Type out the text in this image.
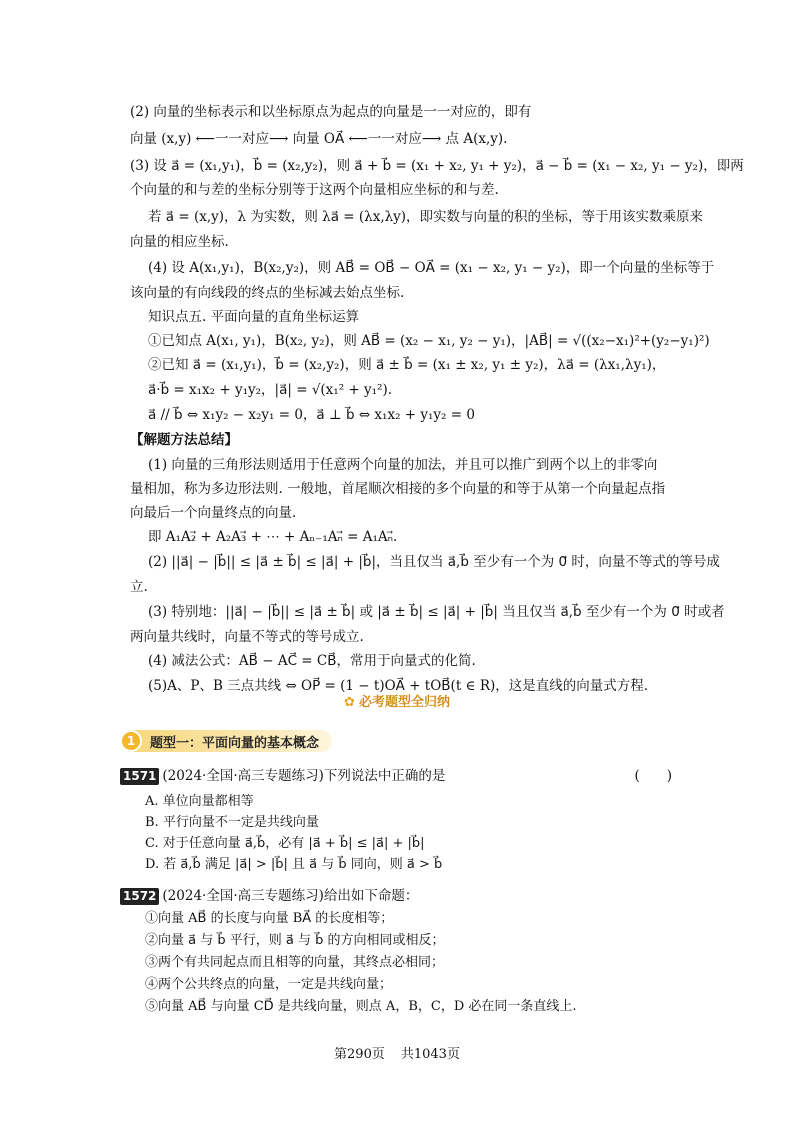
(2) 向量的坐标表示和以坐标原点为起点的向量是一一对应的，即有
向量 (x,y) ⟵一一对应⟶ 向量 OA⃗ ⟵一一对应⟶ 点 A(x,y).
(3) 设 a⃗ = (x₁,y₁)，b⃗ = (x₂,y₂)，则 a⃗ + b⃗ = (x₁ + x₂, y₁ + y₂)，a⃗ − b⃗ = (x₁ − x₂, y₁ − y₂)，即两
个向量的和与差的坐标分别等于这两个向量相应坐标的和与差.
若 a⃗ = (x,y)，λ 为实数，则 λa⃗ = (λx,λy)，即实数与向量的积的坐标，等于用该实数乘原来
向量的相应坐标.
(4) 设 A(x₁,y₁)，B(x₂,y₂)，则 AB⃗ = OB⃗ − OA⃗ = (x₁ − x₂, y₁ − y₂)，即一个向量的坐标等于
该向量的有向线段的终点的坐标减去始点坐标.
知识点五. 平面向量的直角坐标运算
①已知点 A(x₁, y₁)，B(x₂, y₂)，则 AB⃗ = (x₂ − x₁, y₂ − y₁)，|AB⃗| = √((x₂−x₁)²+(y₂−y₁)²)
②已知 a⃗ = (x₁,y₁)，b⃗ = (x₂,y₂)，则 a⃗ ± b⃗ = (x₁ ± x₂, y₁ ± y₂)，λa⃗ = (λx₁,λy₁)，
a⃗·b⃗ = x₁x₂ + y₁y₂，|a⃗| = √(x₁² + y₁²).
a⃗ // b⃗ ⇔ x₁y₂ − x₂y₁ = 0，a⃗ ⊥ b⃗ ⇔ x₁x₂ + y₁y₂ = 0
【解题方法总结】
(1) 向量的三角形法则适用于任意两个向量的加法，并且可以推广到两个以上的非零向
量相加，称为多边形法则. 一般地，首尾顺次相接的多个向量的和等于从第一个向量起点指
向最后一个向量终点的向量.
即 A₁A₂⃗ + A₂A₃⃗ + ⋯ + Aₙ₋₁Aₙ⃗ = A₁Aₙ⃗.
(2) ||a⃗| − |b⃗|| ≤ |a⃗ ± b⃗| ≤ |a⃗| + |b⃗|，当且仅当 a⃗,b⃗ 至少有一个为 0⃗ 时，向量不等式的等号成
立.
(3) 特别地：||a⃗| − |b⃗|| ≤ |a⃗ ± b⃗| 或 |a⃗ ± b⃗| ≤ |a⃗| + |b⃗| 当且仅当 a⃗,b⃗ 至少有一个为 0⃗ 时或者
两向量共线时，向量不等式的等号成立.
(4) 减法公式：AB⃗ − AC⃗ = CB⃗，常用于向量式的化简.
(5)A、P、B 三点共线 ⇔ OP⃗ = (1 − t)OA⃗ + tOB⃗(t ∈ R)，这是直线的向量式方程.
✿ 必考题型全归纳
1	题型一：平面向量的基本概念
1571 (2024·全国·高三专题练习)下列说法中正确的是	(　　)
A. 单位向量都相等
B. 平行向量不一定是共线向量
C. 对于任意向量 a⃗,b⃗，必有 |a⃗ + b⃗| ≤ |a⃗| + |b⃗|
D. 若 a⃗,b⃗ 满足 |a⃗| > |b⃗| 且 a⃗ 与 b⃗ 同向，则 a⃗ > b⃗
1572 (2024·全国·高三专题练习)给出如下命题：
①向量 AB⃗ 的长度与向量 BA⃗ 的长度相等；
②向量 a⃗ 与 b⃗ 平行，则 a⃗ 与 b⃗ 的方向相同或相反；
③两个有共同起点而且相等的向量，其终点必相同；
④两个公共终点的向量，一定是共线向量；
⑤向量 AB⃗ 与向量 CD⃗ 是共线向量，则点 A，B，C，D 必在同一条直线上.
第290页 共1043页
